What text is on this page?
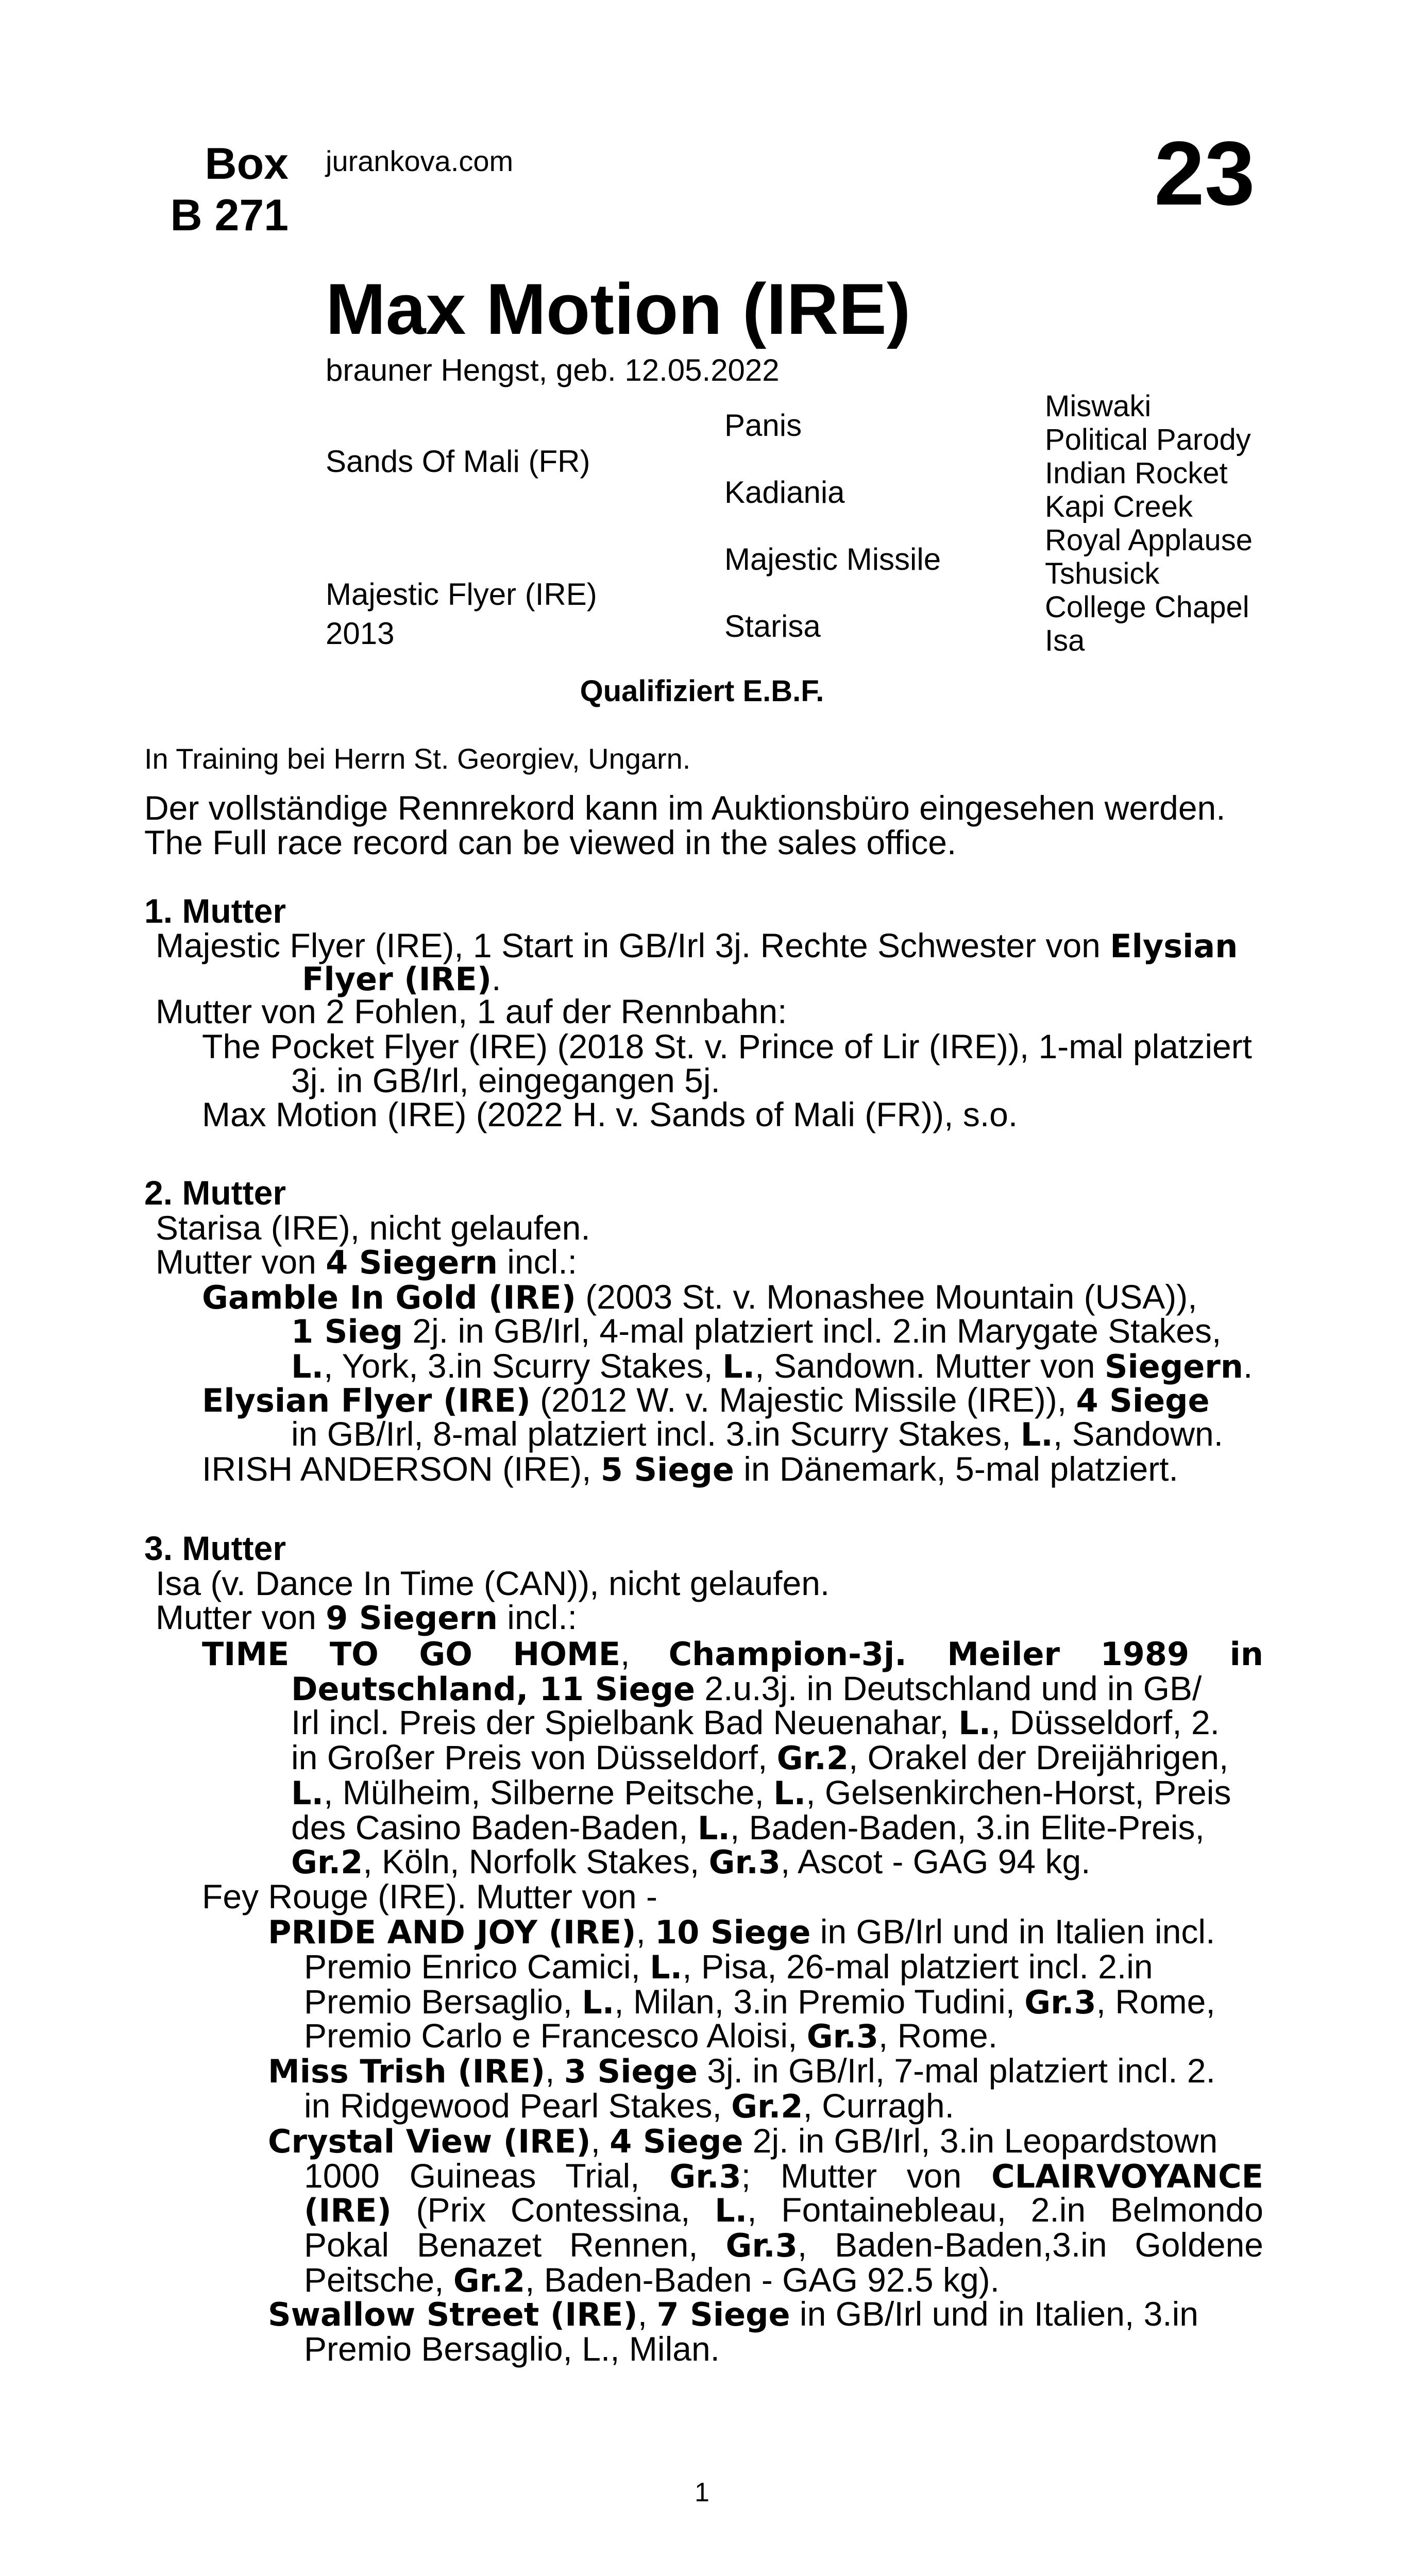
Box
B 271
jurankova.com	23
Max Motion (IRE)
brauner Hengst, geb. 12.05.2022
Sands Of Mali (FR)
Majestic Flyer (IRE)
2013
Panis
Kadiania
Majestic Missile
Starisa
Miswaki
Political Parody
Indian Rocket
Kapi Creek
Royal Applause
Tshusick
College Chapel
Isa
Qualifiziert E.B.F.
In Training bei Herrn St. Georgiev, Ungarn.
Der vollständige Rennrekord kann im Auktionsbüro eingesehen werden.
The Full race record can be viewed in the sales office.
1. Mutter
Majestic Flyer (IRE), 1 Start in GB/Irl 3j. Rechte Schwester von Elysian
Flyer (IRE).
Mutter von 2 Fohlen, 1 auf der Rennbahn:
The Pocket Flyer (IRE) (2018 St. v. Prince of Lir (IRE)), 1-mal platziert
3j. in GB/Irl, eingegangen 5j.
Max Motion (IRE) (2022 H. v. Sands of Mali (FR)), s.o.
2. Mutter
Starisa (IRE), nicht gelaufen.
Mutter von 4 Siegern incl.:
Gamble In Gold (IRE) (2003 St. v. Monashee Mountain (USA)),
1 Sieg 2j. in GB/Irl, 4-mal platziert incl. 2.in Marygate Stakes,
L., York, 3.in Scurry Stakes, L., Sandown. Mutter von Siegern.
Elysian Flyer (IRE) (2012 W. v. Majestic Missile (IRE)), 4 Siege
in GB/Irl, 8-mal platziert incl. 3.in Scurry Stakes, L., Sandown.
IRISH ANDERSON (IRE), 5 Siege in Dänemark, 5-mal platziert.
3. Mutter
Isa (v. Dance In Time (CAN)), nicht gelaufen.
Mutter von 9 Siegern incl.:
TIME TO GO HOME, Champion-3j. Meiler 1989 in
Deutschland, 11 Siege 2.u.3j. in Deutschland und in GB/
Irl incl. Preis der Spielbank Bad Neuenahar, L., Düsseldorf, 2.
in Großer Preis von Düsseldorf, Gr.2, Orakel der Dreijährigen,
L., Mülheim, Silberne Peitsche, L., Gelsenkirchen-Horst, Preis
des Casino Baden-Baden, L., Baden-Baden, 3.in Elite-Preis,
Gr.2, Köln, Norfolk Stakes, Gr.3, Ascot - GAG 94 kg.
Fey Rouge (IRE). Mutter von -
PRIDE AND JOY (IRE), 10 Siege in GB/Irl und in Italien incl.
Premio Enrico Camici, L., Pisa, 26-mal platziert incl. 2.in
Premio Bersaglio, L., Milan, 3.in Premio Tudini, Gr.3, Rome,
Premio Carlo e Francesco Aloisi, Gr.3, Rome.
Miss Trish (IRE), 3 Siege 3j. in GB/Irl, 7-mal platziert incl. 2.
in Ridgewood Pearl Stakes, Gr.2, Curragh.
Crystal View (IRE), 4 Siege 2j. in GB/Irl, 3.in Leopardstown
1000 Guineas Trial, Gr.3; Mutter von CLAIRVOYANCE
(IRE) (Prix Contessina, L., Fontainebleau, 2.in Belmondo
Pokal Benazet Rennen, Gr.3, Baden-Baden,3.in Goldene
Peitsche, Gr.2, Baden-Baden - GAG 92.5 kg).
Swallow Street (IRE), 7 Siege in GB/Irl und in Italien, 3.in
Premio Bersaglio, L., Milan.
1
